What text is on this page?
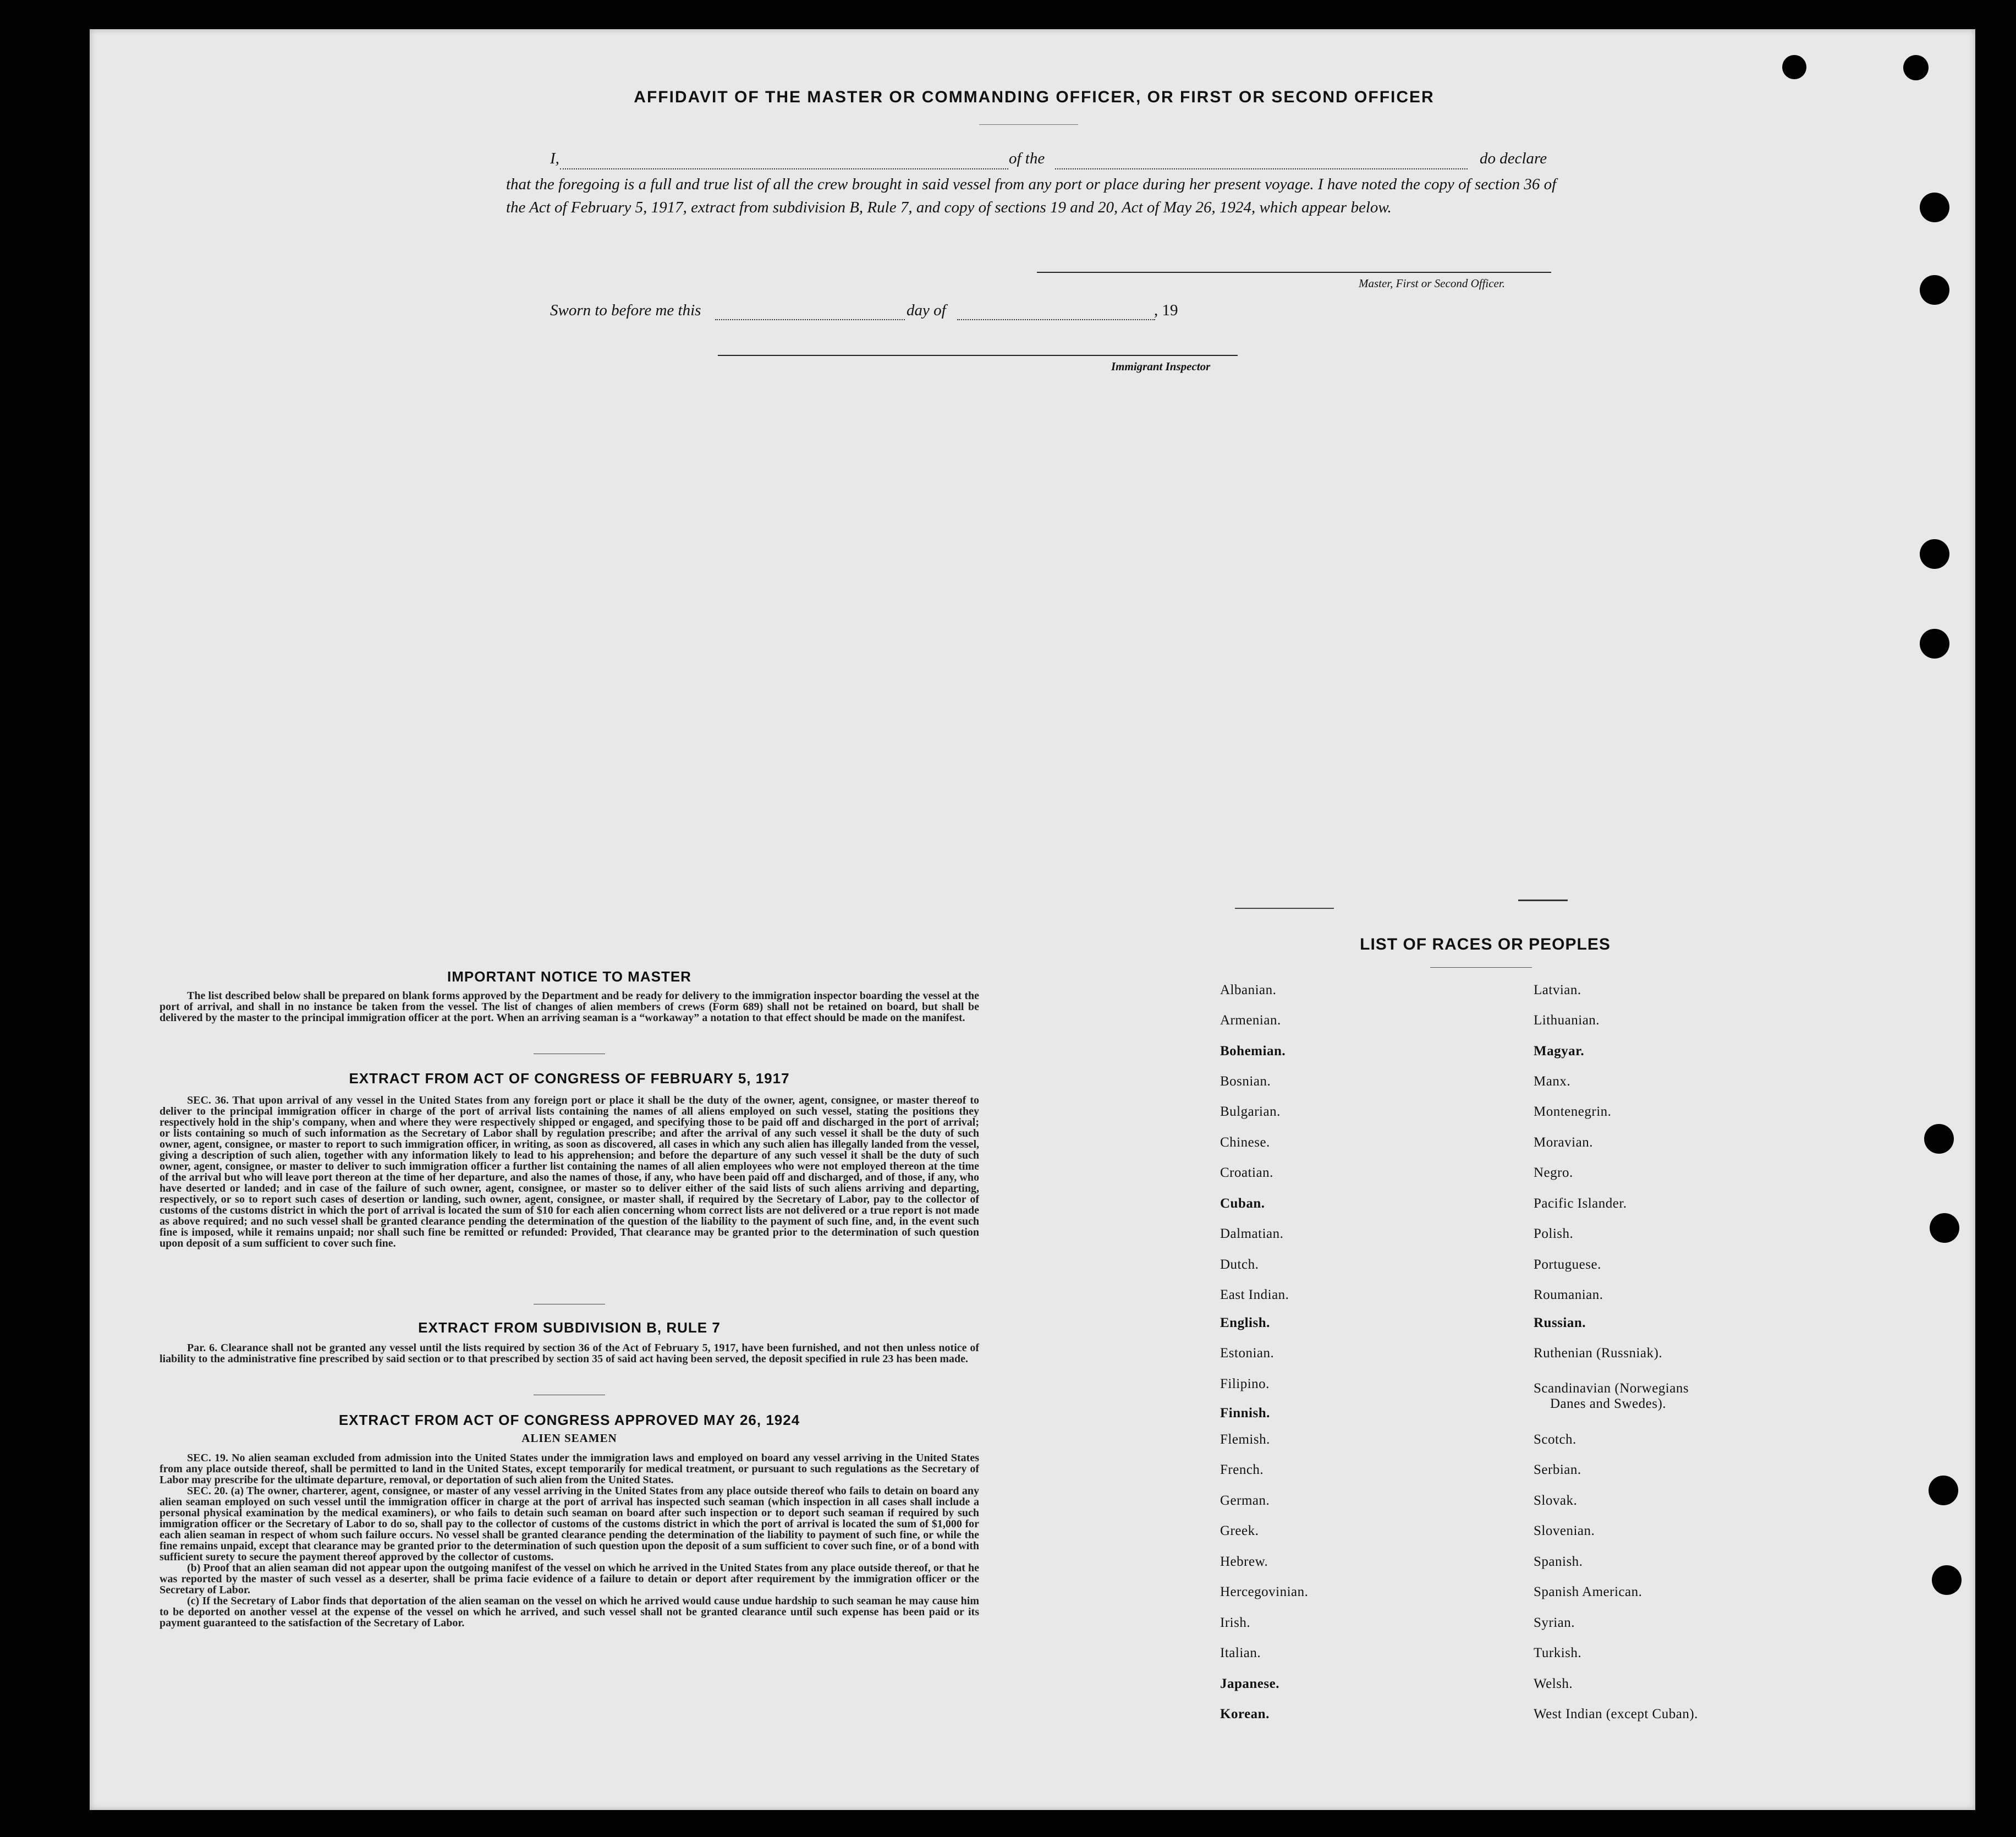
AFFIDAVIT OF THE MASTER OR COMMANDING OFFICER, OR FIRST OR SECOND OFFICER
I,	of the	do declare
that the foregoing is a full and true list of all the crew brought in said vessel from any port or place during her present voyage. I have noted the copy of section 36 of the Act of February 5, 1917, extract from subdivision B, Rule 7, and copy of sections 19 and 20, Act of May 26, 1924, which appear below.
Master, First or Second Officer.
Sworn to before me this	day of	, 19
Immigrant Inspector
IMPORTANT NOTICE TO MASTER

The list described below shall be prepared on blank forms approved by the Department and be ready for delivery to the immigration inspector boarding the vessel at the port of arrival, and shall in no instance be taken from the vessel. The list of changes of alien members of crews (Form 689) shall not be retained on board, but shall be delivered by the master to the principal immigration officer at the port. When an arriving seaman is a “workaway” a notation to that effect should be made on the manifest.

EXTRACT FROM ACT OF CONGRESS OF FEBRUARY 5, 1917

SEC. 36. That upon arrival of any vessel in the United States from any foreign port or place it shall be the duty of the owner, agent, consignee, or master thereof to deliver to the principal immigration officer in charge of the port of arrival lists containing the names of all aliens employed on such vessel, stating the positions they respectively hold in the ship's company, when and where they were respectively shipped or engaged, and specifying those to be paid off and discharged in the port of arrival; or lists containing so much of such information as the Secretary of Labor shall by regulation prescribe; and after the arrival of any such vessel it shall be the duty of such owner, agent, consignee, or master to report to such immigration officer, in writing, as soon as discovered, all cases in which any such alien has illegally landed from the vessel, giving a description of such alien, together with any information likely to lead to his apprehension; and before the departure of any such vessel it shall be the duty of such owner, agent, consignee, or master to deliver to such immigration officer a further list containing the names of all alien employees who were not employed thereon at the time of the arrival but who will leave port thereon at the time of her departure, and also the names of those, if any, who have been paid off and discharged, and of those, if any, who have deserted or landed; and in case of the failure of such owner, agent, consignee, or master so to deliver either of the said lists of such aliens arriving and departing, respectively, or so to report such cases of desertion or landing, such owner, agent, consignee, or master shall, if required by the Secretary of Labor, pay to the collector of customs of the customs district in which the port of arrival is located the sum of $10 for each alien concerning whom correct lists are not delivered or a true report is not made as above required; and no such vessel shall be granted clearance pending the determination of the question of the liability to the payment of such fine, and, in the event such fine is imposed, while it remains unpaid; nor shall such fine be remitted or refunded: Provided, That clearance may be granted prior to the determination of such question upon deposit of a sum sufficient to cover such fine.

EXTRACT FROM SUBDIVISION B, RULE 7

Par. 6. Clearance shall not be granted any vessel until the lists required by section 36 of the Act of February 5, 1917, have been furnished, and not then unless notice of liability to the administrative fine prescribed by said section or to that prescribed by section 35 of said act having been served, the deposit specified in rule 23 has been made.

EXTRACT FROM ACT OF CONGRESS APPROVED MAY 26, 1924
ALIEN SEAMEN

SEC. 19. No alien seaman excluded from admission into the United States under the immigration laws and employed on board any vessel arriving in the United States from any place outside thereof, shall be permitted to land in the United States, except temporarily for medical treatment, or pursuant to such regulations as the Secretary of Labor may prescribe for the ultimate departure, removal, or deportation of such alien from the United States.

SEC. 20. (a) The owner, charterer, agent, consignee, or master of any vessel arriving in the United States from any place outside thereof who fails to detain on board any alien seaman employed on such vessel until the immigration officer in charge at the port of arrival has inspected such seaman (which inspection in all cases shall include a personal physical examination by the medical examiners), or who fails to detain such seaman on board after such inspection or to deport such seaman if required by such immigration officer or the Secretary of Labor to do so, shall pay to the collector of customs of the customs district in which the port of arrival is located the sum of $1,000 for each alien seaman in respect of whom such failure occurs. No vessel shall be granted clearance pending the determination of the liability to payment of such fine, or while the fine remains unpaid, except that clearance may be granted prior to the determination of such question upon the deposit of a sum sufficient to cover such fine, or of a bond with sufficient surety to secure the payment thereof approved by the collector of customs.

(b) Proof that an alien seaman did not appear upon the outgoing manifest of the vessel on which he arrived in the United States from any place outside thereof, or that he was reported by the master of such vessel as a deserter, shall be prima facie evidence of a failure to detain or deport after requirement by the immigration officer or the Secretary of Labor.

(c) If the Secretary of Labor finds that deportation of the alien seaman on the vessel on which he arrived would cause undue hardship to such seaman he may cause him to be deported on another vessel at the expense of the vessel on which he arrived, and such vessel shall not be granted clearance until such expense has been paid or its payment guaranteed to the satisfaction of the Secretary of Labor.

LIST OF RACES OR PEOPLES
Albanian.
Armenian.
Bohemian.
Bosnian.
Bulgarian.
Chinese.
Croatian.
Cuban.
Dalmatian.
Dutch.
East Indian.
English.
Estonian.
Filipino.
Finnish.
Flemish.
French.
German.
Greek.
Hebrew.
Hercegovinian.
Irish.
Italian.
Japanese.
Korean.
Latvian.
Lithuanian.
Magyar.
Manx.
Montenegrin.
Moravian.
Negro.
Pacific Islander.
Polish.
Portuguese.
Roumanian.
Russian.
Ruthenian (Russniak).
Scandinavian (Norwegians
Danes and Swedes).
Scotch.
Serbian.
Slovak.
Slovenian.
Spanish.
Spanish American.
Syrian.
Turkish.
Welsh.
West Indian (except Cuban).
